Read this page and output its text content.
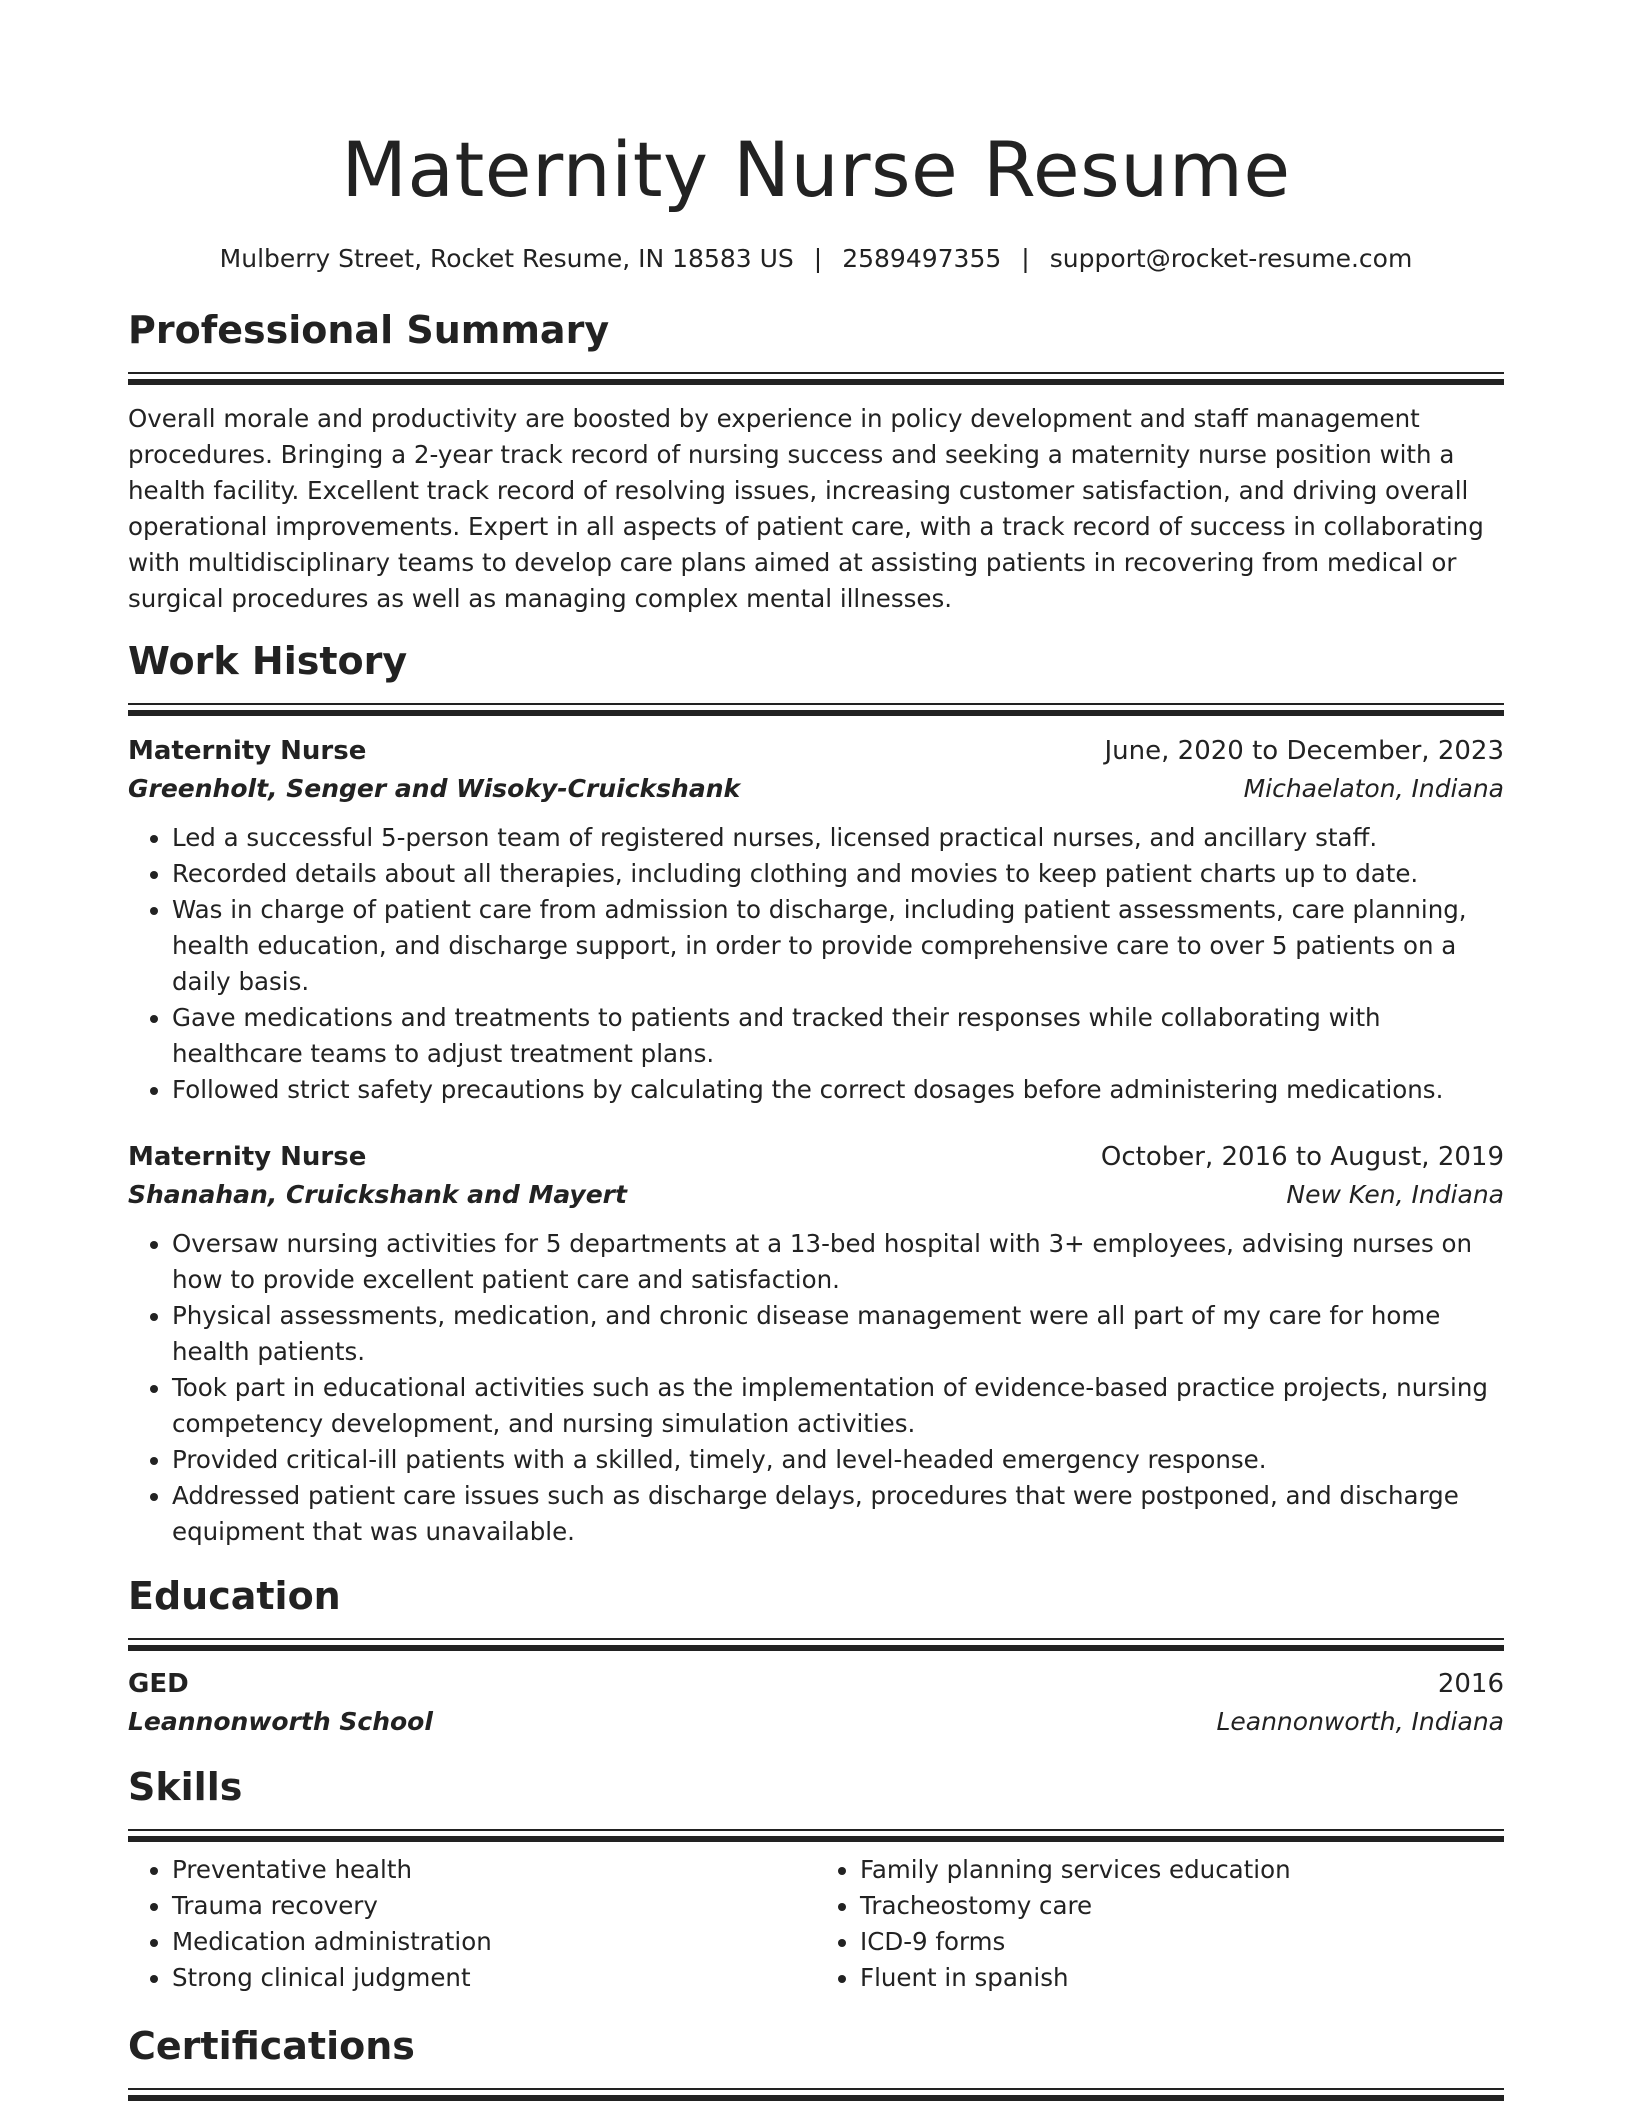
Maternity Nurse Resume
Mulberry Street, Rocket Resume, IN 18583 US | 2589497355 | support@rocket-resume.com
Professional Summary

Overall morale and productivity are boosted by experience in policy development and staff management procedures. Bringing a 2-year track record of nursing success and seeking a maternity nurse position with a health facility. Excellent track record of resolving issues, increasing customer satisfaction, and driving overall operational improvements. Expert in all aspects of patient care, with a track record of success in collaborating with multidisciplinary teams to develop care plans aimed at assisting patients in recovering from medical or surgical procedures as well as managing complex mental illnesses.

Work History
Maternity Nurse	June, 2020 to December, 2023
Greenholt, Senger and Wisoky-Cruickshank	Michaelaton, Indiana
• Led a successful 5-person team of registered nurses, licensed practical nurses, and ancillary staff.
• Recorded details about all therapies, including clothing and movies to keep patient charts up to date.
• Was in charge of patient care from admission to discharge, including patient assessments, care planning, health education, and discharge support, in order to provide comprehensive care to over 5 patients on a daily basis.
• Gave medications and treatments to patients and tracked their responses while collaborating with healthcare teams to adjust treatment plans.
• Followed strict safety precautions by calculating the correct dosages before administering medications.
Maternity Nurse	October, 2016 to August, 2019
Shanahan, Cruickshank and Mayert	New Ken, Indiana
• Oversaw nursing activities for 5 departments at a 13-bed hospital with 3+ employees, advising nurses on how to provide excellent patient care and satisfaction.
• Physical assessments, medication, and chronic disease management were all part of my care for home health patients.
• Took part in educational activities such as the implementation of evidence-based practice projects, nursing competency development, and nursing simulation activities.
• Provided critical-ill patients with a skilled, timely, and level-headed emergency response.
• Addressed patient care issues such as discharge delays, procedures that were postponed, and discharge equipment that was unavailable.
Education
GED	2016
Leannonworth School	Leannonworth, Indiana
Skills
• Preventative health
• Trauma recovery
• Medication administration
• Strong clinical judgment
• Family planning services education
• Tracheostomy care
• ICD-9 forms
• Fluent in spanish
Certifications
